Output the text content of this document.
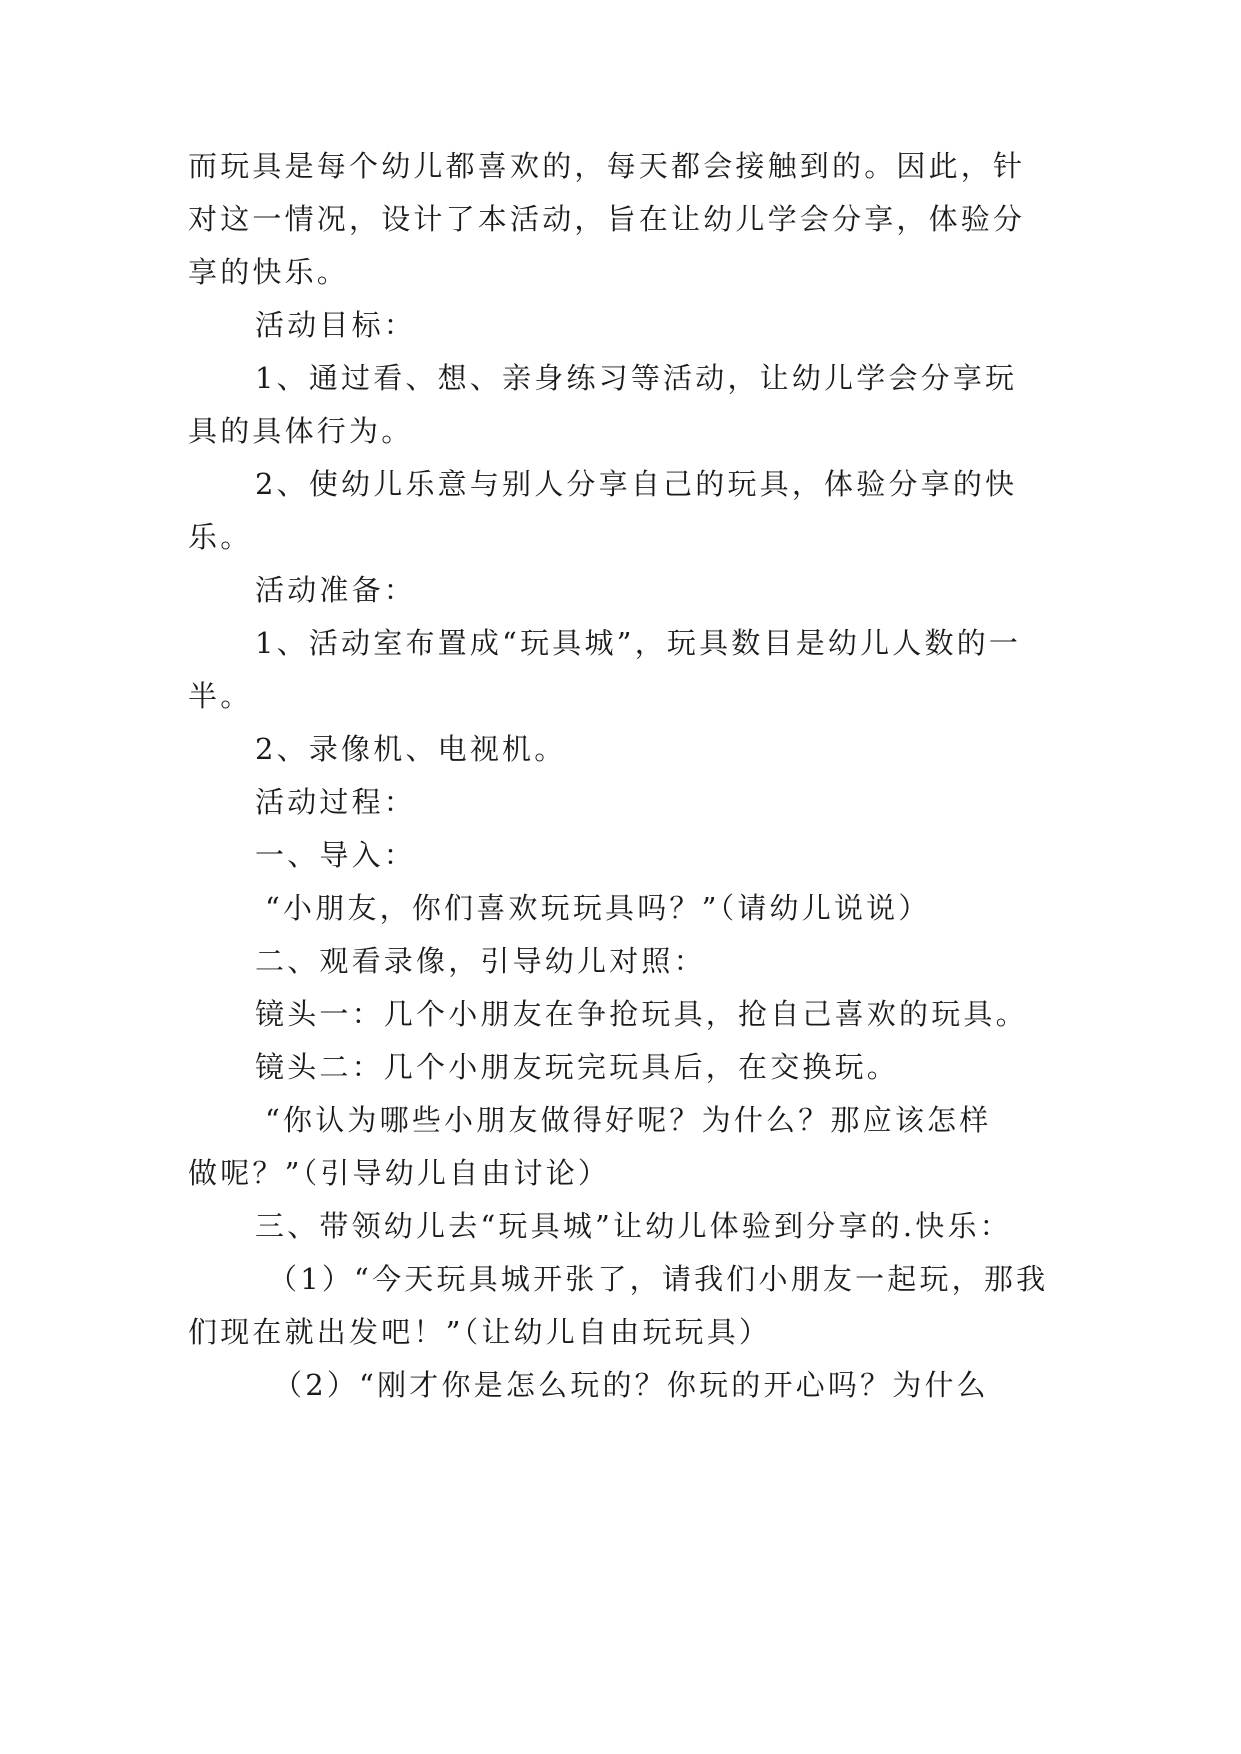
而玩具是每个幼儿都喜欢的，每天都会接触到的。因此，针
对这一情况，设计了本活动，旨在让幼儿学会分享，体验分
享的快乐。
活动目标：
1、通过看、想、亲身练习等活动，让幼儿学会分享玩
具的具体行为。
2、使幼儿乐意与别人分享自己的玩具，体验分享的快
乐。
活动准备：
1、活动室布置成“玩具城”，玩具数目是幼儿人数的一
半。
2、录像机、电视机。
活动过程：
一、导入：
“小朋友，你们喜欢玩玩具吗？”（请幼儿说说）
二、观看录像，引导幼儿对照：
镜头一：几个小朋友在争抢玩具，抢自己喜欢的玩具。
镜头二：几个小朋友玩完玩具后，在交换玩。
“你认为哪些小朋友做得好呢？为什么？那应该怎样
做呢？”（引导幼儿自由讨论）
三、带领幼儿去“玩具城”让幼儿体验到分享的.快乐：
（1）“今天玩具城开张了，请我们小朋友一起玩，那我
们现在就出发吧！”（让幼儿自由玩玩具）
（2）“刚才你是怎么玩的？你玩的开心吗？为什么
